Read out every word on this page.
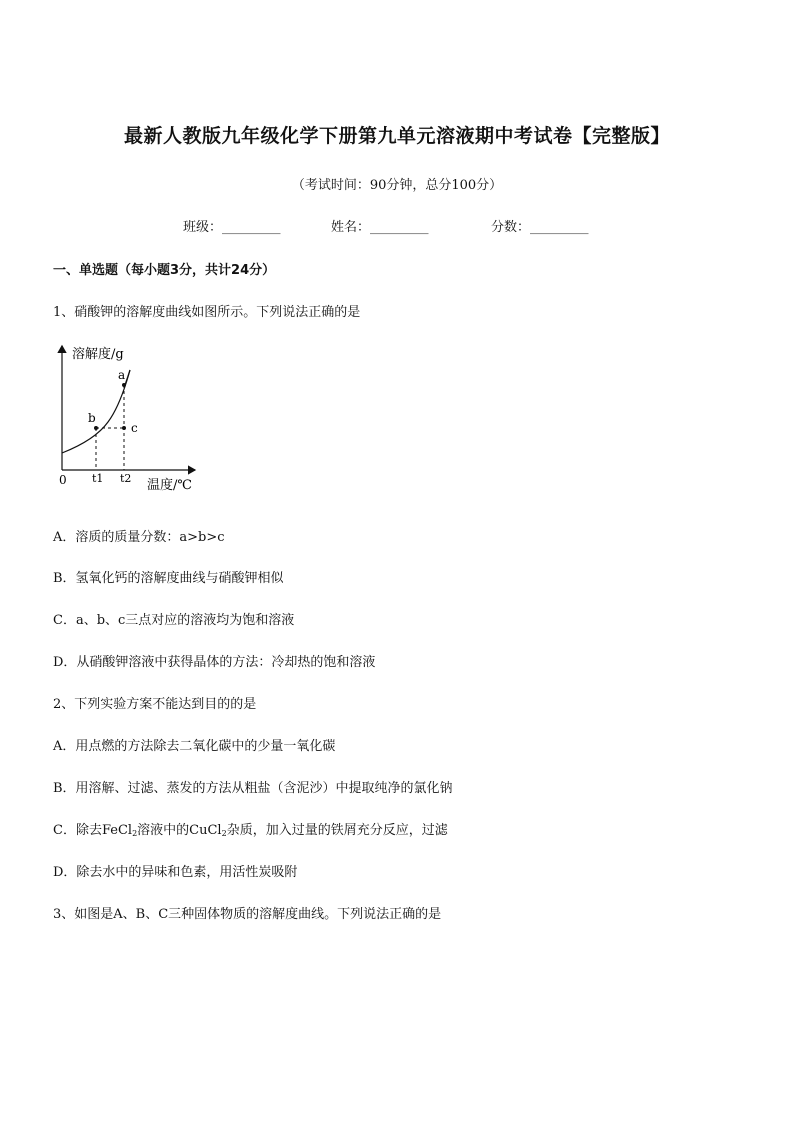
最新人教版九年级化学下册第九单元溶液期中考试卷【完整版】
（考试时间：90分钟，总分100分）
班级：_________	姓名：_________	分数：_________
一、单选题（每小题3分，共计24分）
1、硝酸钾的溶解度曲线如图所示。下列说法正确的是
溶解度/g
温度/℃
0 t1 t2
a
b
c
A．溶质的质量分数：a>b>c
B．氢氧化钙的溶解度曲线与硝酸钾相似
C．a、b、c三点对应的溶液均为饱和溶液
D．从硝酸钾溶液中获得晶体的方法：冷却热的饱和溶液
2、下列实验方案不能达到目的的是
A．用点燃的方法除去二氧化碳中的少量一氧化碳
B．用溶解、过滤、蒸发的方法从粗盐（含泥沙）中提取纯净的氯化钠
C．除去FeCl$_2$溶液中的CuCl$_2$杂质，加入过量的铁屑充分反应，过滤
D．除去水中的异味和色素，用活性炭吸附
3、如图是A、B、C三种固体物质的溶解度曲线。下列说法正确的是
